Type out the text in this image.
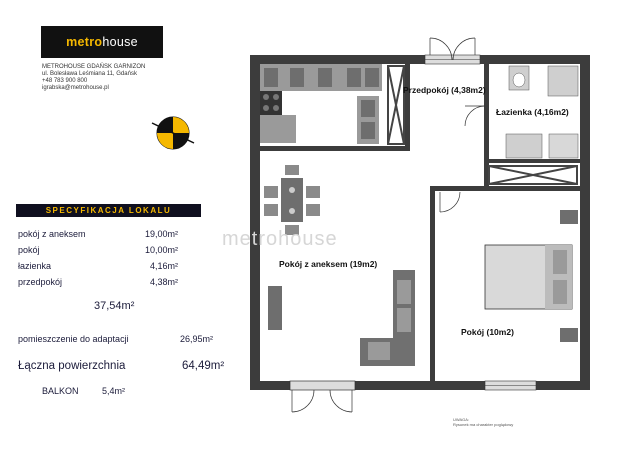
metro house
METROHOUSE GDAŃSK GARNIZON
ul. Bolesława Leśmiana 11, Gdańsk
+48 783 900 800
igrabska@metrohouse.pl
SPECYFIKACJA LOKALU
pokój z aneksem	19,00m²
pokój	10,00m²
łazienka	4,16m²
przedpokój	4,38m²
37,54m²
pomieszczenie do adaptacji	26,95m²
Łączna powierzchnia	64,49m²
BALKON	5,4m²
Przedpokój (4,38m2)
Łazienka (4,16m2)
Pokój z aneksem (19m2)
Pokój (10m2)
metrohouse
UWAGA:
Rysunek ma charakter poglądowy
